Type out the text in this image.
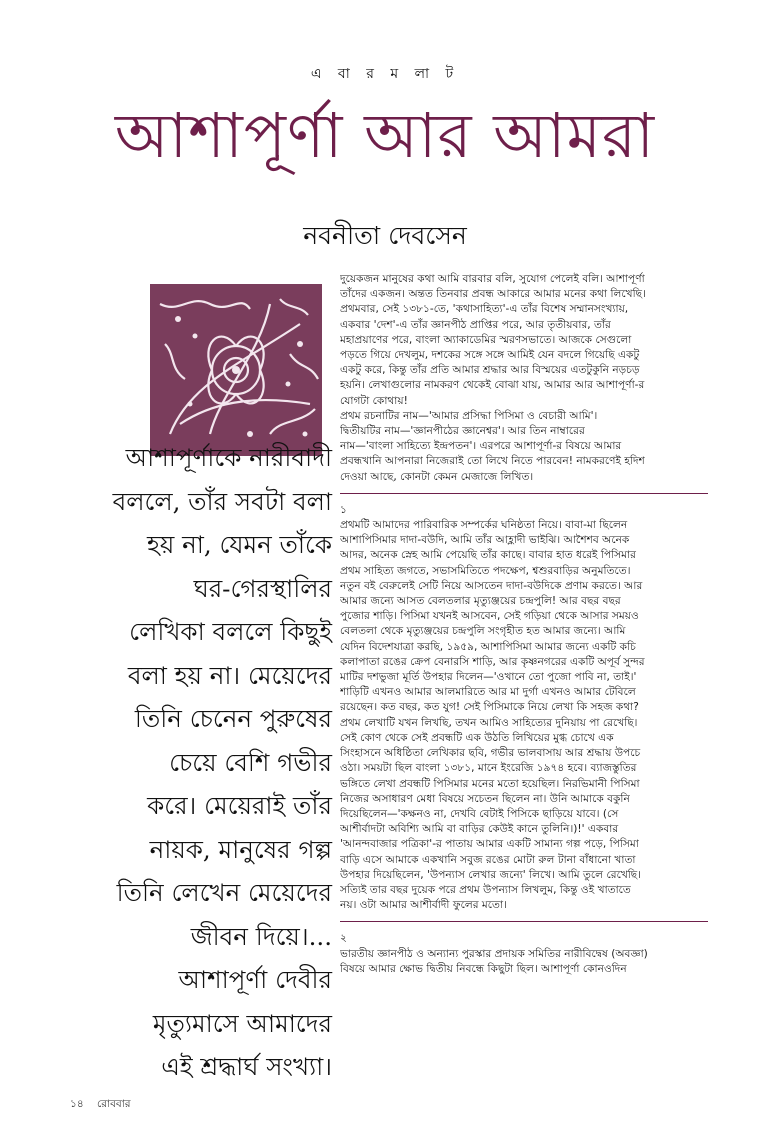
এ বা র ম লা ট
আশাপূর্ণা আর আমরা
নবনীতা দেবসেন
আশাপূর্ণাকে নারীবাদী
বললে, তাঁর সবটা বলা
হয় না, যেমন তাঁকে
ঘর-গেরস্থালির
লেখিকা বললে কিছুই
বলা হয় না। মেয়েদের
তিনি চেনেন পুরুষের
চেয়ে বেশি গভীর
করে। মেয়েরাই তাঁর
নায়ক, মানুষের গল্প
তিনি লেখেন মেয়েদের
জীবন দিয়ে।...
আশাপূর্ণা দেবীর
মৃত্যুমাসে আমাদের
এই শ্রদ্ধার্ঘ সংখ্যা।
দুয়েকজন মানুষের কথা আমি বারবার বলি, সুযোগ পেলেই বলি। আশাপূর্ণা
তাঁদের একজন। অন্তত তিনবার প্রবন্ধ আকারে আমার মনের কথা লিখেছি।
প্রথমবার, সেই ১৩৮১-তে, 'কথাসাহিত্য'-এ তাঁর বিশেষ সম্মানসংখ্যায়,
একবার 'দেশ'-এ তাঁর জ্ঞানপীঠ প্রাপ্তির পরে, আর তৃতীয়বার, তাঁর
মহাপ্রয়াণের পরে, বাংলা অ্যাকাডেমির স্মরণসভাতে। আজকে সেগুলো
পড়তে গিয়ে দেখলুম, দশকের সঙ্গে সঙ্গে আমিই যেন বদলে গিয়েছি একটু
একটু করে, কিন্তু তাঁর প্রতি আমার শ্রদ্ধার আর বিস্ময়ের এতটুকুনি নড়চড়
হয়নি। লেখাগুলোর নামকরণ থেকেই বোঝা যায়, আমার আর আশাপূর্ণা-র
যোগটা কোথায়!
প্রথম রচনাটির নাম—'আমার প্রসিদ্ধা পিসিমা ও বেচারী আমি'।
দ্বিতীয়টির নাম—'জ্ঞানপীঠের জ্ঞানেশ্বর'। আর তিন নাম্বারের
নাম—'বাংলা সাহিত্যে ইন্দ্রপতন'। এরপরে আশাপূর্ণা-র বিষয়ে আমার
প্রবন্ধখানি আপনারা নিজেরাই তো লিখে নিতে পারবেন! নামকরণেই হদিশ
দেওয়া আছে, কোনটা কেমন মেজাজে লিখিত।
১
প্রথমটি আমাদের পারিবারিক সম্পর্কের ঘনিষ্ঠতা নিয়ে। বাবা-মা ছিলেন
আশাপিসিমার দাদা-বউদি, আমি তাঁর আহ্লাদী ভাইঝি। আশৈশব অনেক
আদর, অনেক স্নেহ আমি পেয়েছি তাঁর কাছে। বাবার হাত ধরেই পিসিমার
প্রথম সাহিত্য জগতে, সভাসমিতিতে পদক্ষেপ, শ্বশুরবাড়ির অনুমতিতে।
নতুন বই বেরুলেই সেটি নিয়ে আসতেন দাদা-বউদিকে প্রণাম করতে। আর
আমার জন্যে আসত বেলতলার মৃত্যুঞ্জয়ের চন্দ্রপুলি! আর বছর বছর
পুজোর শাড়ি। পিসিমা যখনই আসবেন, সেই গড়িয়া থেকে আসার সময়ও
বেলতলা থেকে মৃত্যুঞ্জয়ের চন্দ্রপুলি সংগৃহীত হত আমার জন্যে। আমি
যেদিন বিদেশযাত্রা করছি, ১৯৫৯, আশাপিসিমা আমার জন্যে একটি কচি
কলাপাতা রঙের ক্রেপ বেনারসি শাড়ি, আর কৃষ্ণনগরের একটি অপূর্ব সুন্দর
মাটির দশভুজা মূর্তি উপহার দিলেন—'ওখানে তো পুজো পাবি না, তাই।'
শাড়িটি এখনও আমার আলমারিতে আর মা দুর্গা এখনও আমার টেবিলে
রয়েছেন। কত বছর, কত যুগ! সেই পিসিমাকে নিয়ে লেখা কি সহজ কথা?
প্রথম লেখাটি যখন লিখছি, তখন আমিও সাহিত্যের দুনিয়ায় পা রেখেছি।
সেই কোণ থেকে সেই প্রবন্ধটি এক উঠতি লিখিয়ের মুগ্ধ চোখে এক
সিংহাসনে অধিষ্ঠিতা লেখিকার ছবি, গভীর ভালবাসায় আর শ্রদ্ধায় উপচে
ওঠা। সময়টা ছিল বাংলা ১৩৮১, মানে ইংরেজি ১৯৭৪ হবে। ব্যাজস্তুতির
ভঙ্গিতে লেখা প্রবন্ধটি পিসিমার মনের মতো হয়েছিল। নিরভিমানী পিসিমা
নিজের অসাধারণ মেধা বিষয়ে সচেতন ছিলেন না। উনি আমাকে বকুনি
দিয়েছিলেন—'কক্ষনও না, দেখবি বেটাই পিসিকে ছাড়িয়ে যাবে। (সে
আশীর্বাদটা অবিশ্যি আমি বা বাড়ির কেউই কানে তুলিনি।)!' একবার
'আনন্দবাজার পত্রিকা'-র পাতায় আমার একটি সামান্য গল্প পড়ে, পিসিমা
বাড়ি এসে আমাকে একখানি সবুজ রঙের মোটা রুল টানা বাঁধানো খাতা
উপহার দিয়েছিলেন, 'উপন্যাস লেখার জন্যে' লিখে। আমি তুলে রেখেছি।
সত্যিই তার বছর দুয়েক পরে প্রথম উপন্যাস লিখলুম, কিন্তু ওই খাতাতে
নয়। ওটা আমার আশীর্বাদী ফুলের মতো।
২
ভারতীয় জ্ঞানপীঠ ও অন্যান্য পুরস্কার প্রদায়ক সমিতির নারীবিদ্বেষ (অবজ্ঞা)
বিষয়ে আমার ক্ষোভ দ্বিতীয় নিবন্ধে কিছুটা ছিল। আশাপূর্ণা কোনওদিন
১৪ রোববার
